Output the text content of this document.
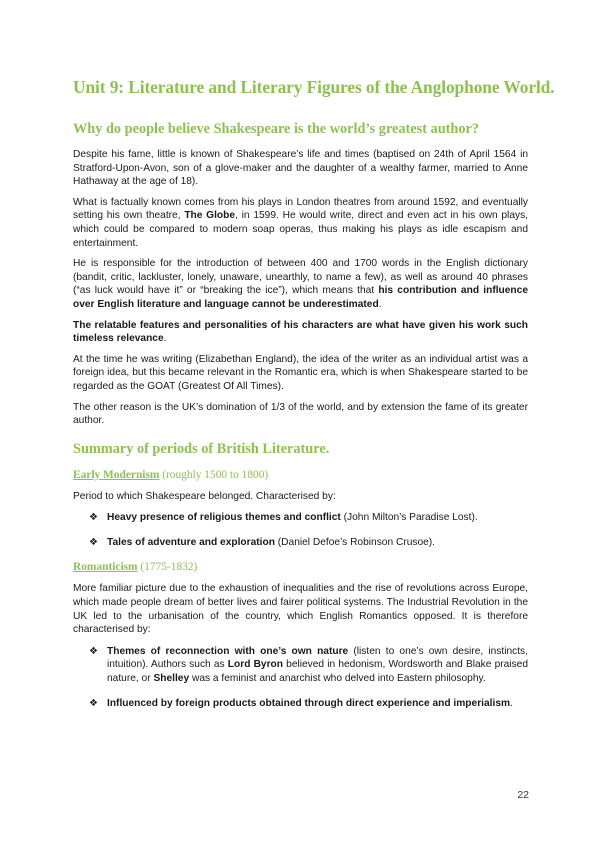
Unit 9: Literature and Literary Figures of the Anglophone World.
Why do people believe Shakespeare is the world’s greatest author?

Despite his fame, little is known of Shakespeare’s life and times (baptised on 24th of April 1564 in Stratford-Upon-Avon, son of a glove-maker and the daughter of a wealthy farmer, married to Anne Hathaway at the age of 18).

What is factually known comes from his plays in London theatres from around 1592, and eventually setting his own theatre, The Globe, in 1599. He would write, direct and even act in his own plays, which could be compared to modern soap operas, thus making his plays as idle escapism and entertainment.

He is responsible for the introduction of between 400 and 1700 words in the English dictionary (bandit, critic, lackluster, lonely, unaware, unearthly, to name a few), as well as around 40 phrases (“as luck would have it” or “breaking the ice”), which means that his contribution and influence over English literature and language cannot be underestimated.

The relatable features and personalities of his characters are what have given his work such timeless relevance.

At the time he was writing (Elizabethan England), the idea of the writer as an individual artist was a foreign idea, but this became relevant in the Romantic era, which is when Shakespeare started to be regarded as the GOAT (Greatest Of All Times).

The other reason is the UK’s domination of 1/3 of the world, and by extension the fame of its greater author.

Summary of periods of British Literature.
Early Modernism (roughly 1500 to 1800)

Period to which Shakespeare belonged. Characterised by:

❖ Heavy presence of religious themes and conflict (John Milton’s Paradise Lost).
❖ Tales of adventure and exploration (Daniel Defoe’s Robinson Crusoe).
Romanticism (1775-1832)

More familiar picture due to the exhaustion of inequalities and the rise of revolutions across Europe, which made people dream of better lives and fairer political systems. The Industrial Revolution in the UK led to the urbanisation of the country, which English Romantics opposed. It is therefore characterised by:

❖ Themes of reconnection with one’s own nature (listen to one’s own desire, instincts, intuition). Authors such as Lord Byron believed in hedonism, Wordsworth and Blake praised nature, or Shelley was a feminist and anarchist who delved into Eastern philosophy.
❖ Influenced by foreign products obtained through direct experience and imperialism.
22
